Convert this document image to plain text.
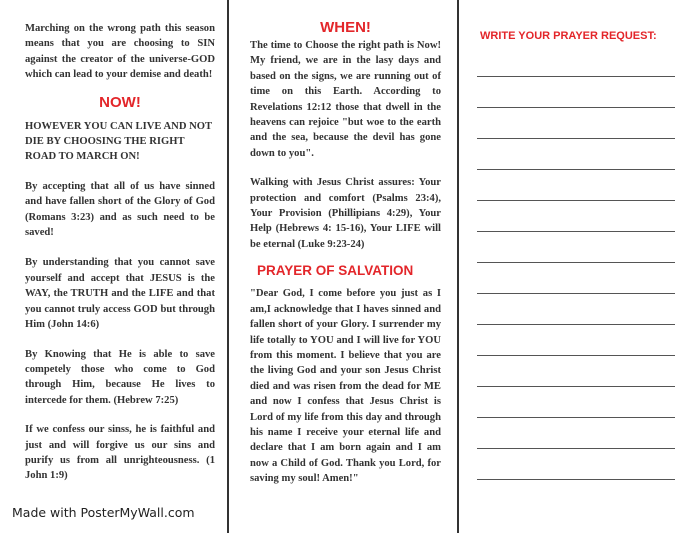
Marching on the wrong path this season means that you are choosing to SIN against the creator of the universe-GOD which can lead to your demise and death!

NOW!

HOWEVER YOU CAN LIVE AND NOT DIE BY CHOOSING THE RIGHT ROAD TO MARCH ON!

By accepting that all of us have sinned and have fallen short of the Glory of God (Romans 3:23) and as such need to be saved!

By understanding that you cannot save yourself and accept that JESUS is the WAY, the TRUTH and the LIFE and that you cannot truly access GOD but through Him (John 14:6)

By Knowing that He is able to save competely those who come to God through Him, because He lives to intercede for them. (Hebrew 7:25)

If we confess our sinss, he is faithful and just and will forgive us our sins and purify us from all unrighteousness. (1 John 1:9)

Made with PosterMyWall.com
WHEN!

The time to Choose the right path is Now! My friend, we are in the lasy days and based on the signs, we are running out of time on this Earth. According to Revelations 12:12 those that dwell in the heavens can rejoice "but woe to the earth and the sea, because the devil has gone down to you".

Walking with Jesus Christ assures: Your protection and comfort (Psalms 23:4), Your Provision (Phillipians 4:29), Your Help (Hebrews 4: 15-16), Your LIFE will be eternal (Luke 9:23-24)

PRAYER OF SALVATION

"Dear God, I come before you just as I am,I acknowledge that I haves sinned and fallen short of your Glory. I surrender my life totally to YOU and I will live for YOU from this moment. I believe that you are the living God and your son Jesus Christ died and was risen from the dead for ME and now I confess that Jesus Christ is Lord of my life from this day and through his name I receive your eternal life and declare that I am born again and I am now a Child of God. Thank you Lord, for saving my soul! Amen!"

WRITE YOUR PRAYER REQUEST:
